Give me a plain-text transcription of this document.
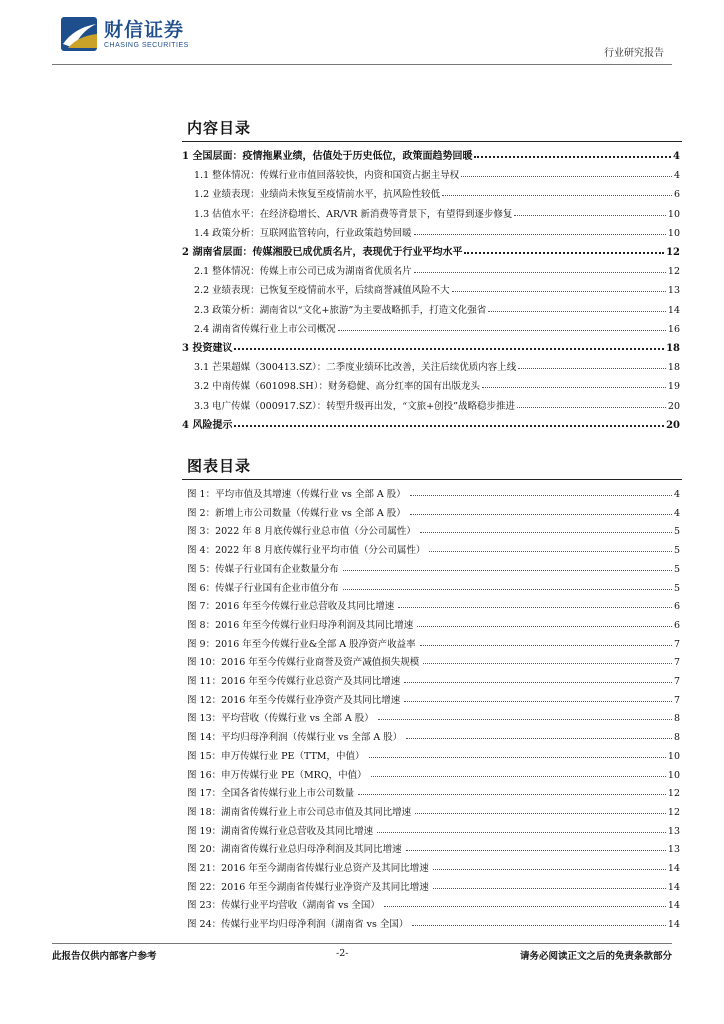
财信证券
CHASING SECURITIES
行业研究报告
内容目录
1 全国层面：疫情拖累业绩，估值处于历史低位，政策面趋势回暖	4
1.1 整体情况：传媒行业市值回落较快，内资和国资占据主导权	4
1.2 业绩表现：业绩尚未恢复至疫情前水平，抗风险性较低	6
1.3 估值水平：在经济稳增长、AR/VR 新消费等背景下，有望得到逐步修复	10
1.4 政策分析：互联网监管转向，行业政策趋势回暖	10
2 湖南省层面：传媒湘股已成优质名片，表现优于行业平均水平	12
2.1 整体情况：传媒上市公司已成为湖南省优质名片	12
2.2 业绩表现：已恢复至疫情前水平，后续商誉减值风险不大	13
2.3 政策分析：湖南省以“文化+旅游”为主要战略抓手，打造文化强省	14
2.4 湖南省传媒行业上市公司概况	16
3 投资建议	18
3.1 芒果超媒（300413.SZ）：二季度业绩环比改善，关注后续优质内容上线	18
3.2 中南传媒（601098.SH）：财务稳健、高分红率的国有出版龙头	19
3.3 电广传媒（000917.SZ）：转型升级再出发，“文旅+创投”战略稳步推进	20
4 风险提示	20
图表目录
图 1：平均市值及其增速（传媒行业 vs 全部 A 股）	4
图 2：新增上市公司数量（传媒行业 vs 全部 A 股）	4
图 3：2022 年 8 月底传媒行业总市值（分公司属性）	5
图 4：2022 年 8 月底传媒行业平均市值（分公司属性）	5
图 5：传媒子行业国有企业数量分布	5
图 6：传媒子行业国有企业市值分布	5
图 7：2016 年至今传媒行业总营收及其同比增速	6
图 8：2016 年至今传媒行业归母净利润及其同比增速	6
图 9：2016 年至今传媒行业&全部 A 股净资产收益率	7
图 10：2016 年至今传媒行业商誉及资产减值损失规模	7
图 11：2016 年至今传媒行业总资产及其同比增速	7
图 12：2016 年至今传媒行业净资产及其同比增速	7
图 13：平均营收（传媒行业 vs 全部 A 股）	8
图 14：平均归母净利润（传媒行业 vs 全部 A 股）	8
图 15：申万传媒行业 PE（TTM，中值）	10
图 16：申万传媒行业 PE（MRQ，中值）	10
图 17：全国各省传媒行业上市公司数量	12
图 18：湖南省传媒行业上市公司总市值及其同比增速	12
图 19：湖南省传媒行业总营收及其同比增速	13
图 20：湖南省传媒行业总归母净利润及其同比增速	13
图 21：2016 年至今湖南省传媒行业总资产及其同比增速	14
图 22：2016 年至今湖南省传媒行业净资产及其同比增速	14
图 23：传媒行业平均营收（湖南省 vs 全国）	14
图 24：传媒行业平均归母净利润（湖南省 vs 全国）	14
此报告仅供内部客户参考	-2-	请务必阅读正文之后的免责条款部分
